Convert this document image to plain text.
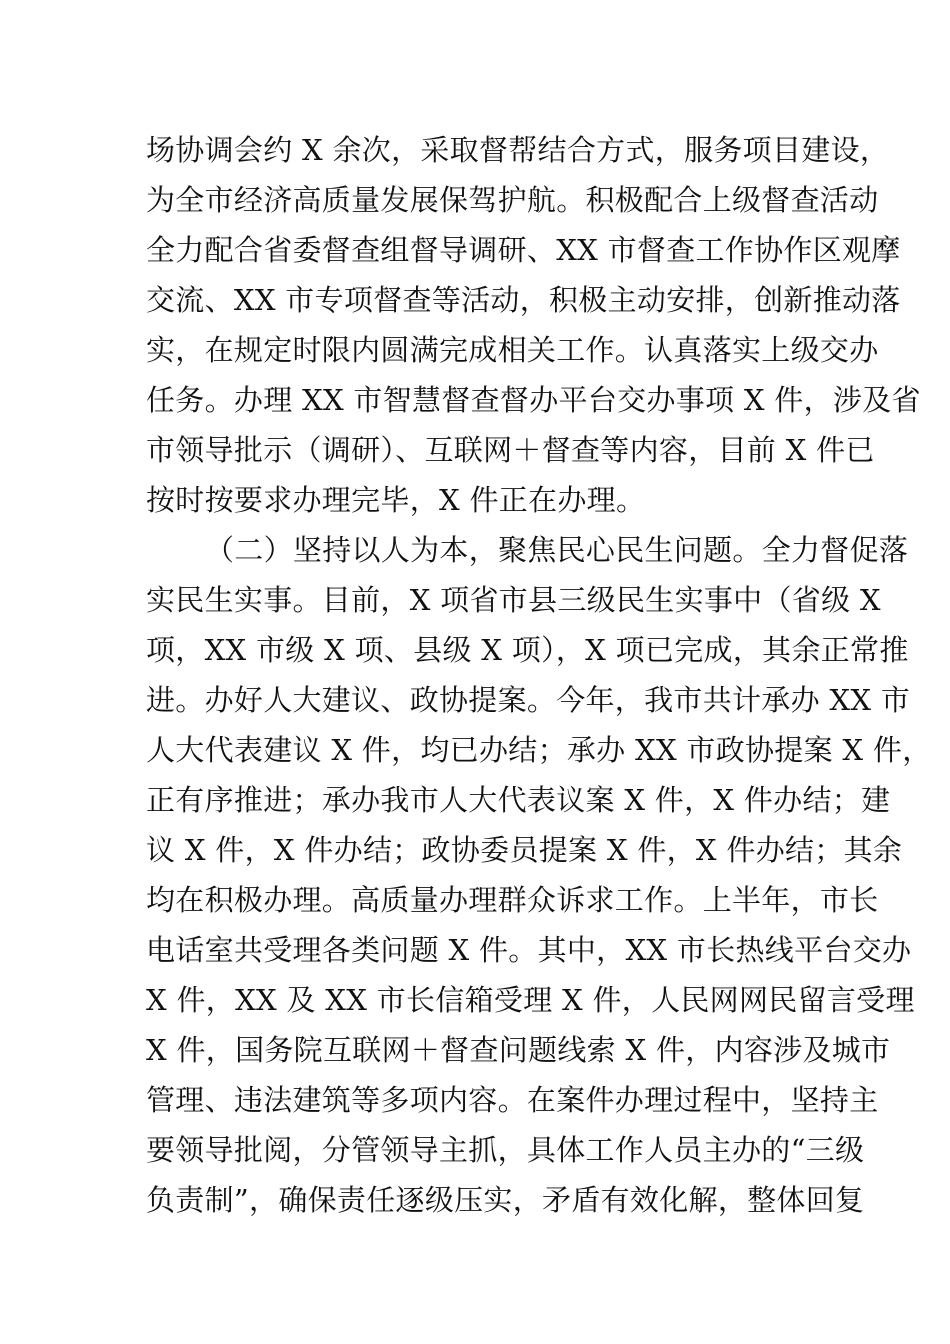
场协调会约 X 余次，采取督帮结合方式，服务项目建设，
为全市经济高质量发展保驾护航。积极配合上级督查活动
全力配合省委督查组督导调研、XX 市督查工作协作区观摩
交流、XX 市专项督查等活动，积极主动安排，创新推动落
实，在规定时限内圆满完成相关工作。认真落实上级交办
任务。办理 XX 市智慧督查督办平台交办事项 X 件，涉及省
市领导批示（调研）、互联网＋督查等内容，目前 X 件已
按时按要求办理完毕，X 件正在办理。
（二）坚持以人为本，聚焦民心民生问题。全力督促落
实民生实事。目前，X 项省市县三级民生实事中（省级 X
项，XX 市级 X 项、县级 X 项），X 项已完成，其余正常推
进。办好人大建议、政协提案。今年，我市共计承办 XX 市
人大代表建议 X 件，均已办结；承办 XX 市政协提案 X 件，
正有序推进；承办我市人大代表议案 X 件，X 件办结；建
议 X 件，X 件办结；政协委员提案 X 件，X 件办结；其余
均在积极办理。高质量办理群众诉求工作。上半年，市长
电话室共受理各类问题 X 件。其中，XX 市长热线平台交办
X 件，XX 及 XX 市长信箱受理 X 件，人民网网民留言受理
X 件，国务院互联网＋督查问题线索 X 件，内容涉及城市
管理、违法建筑等多项内容。在案件办理过程中，坚持主
要领导批阅，分管领导主抓，具体工作人员主办的“三级
负责制”，确保责任逐级压实，矛盾有效化解，整体回复
